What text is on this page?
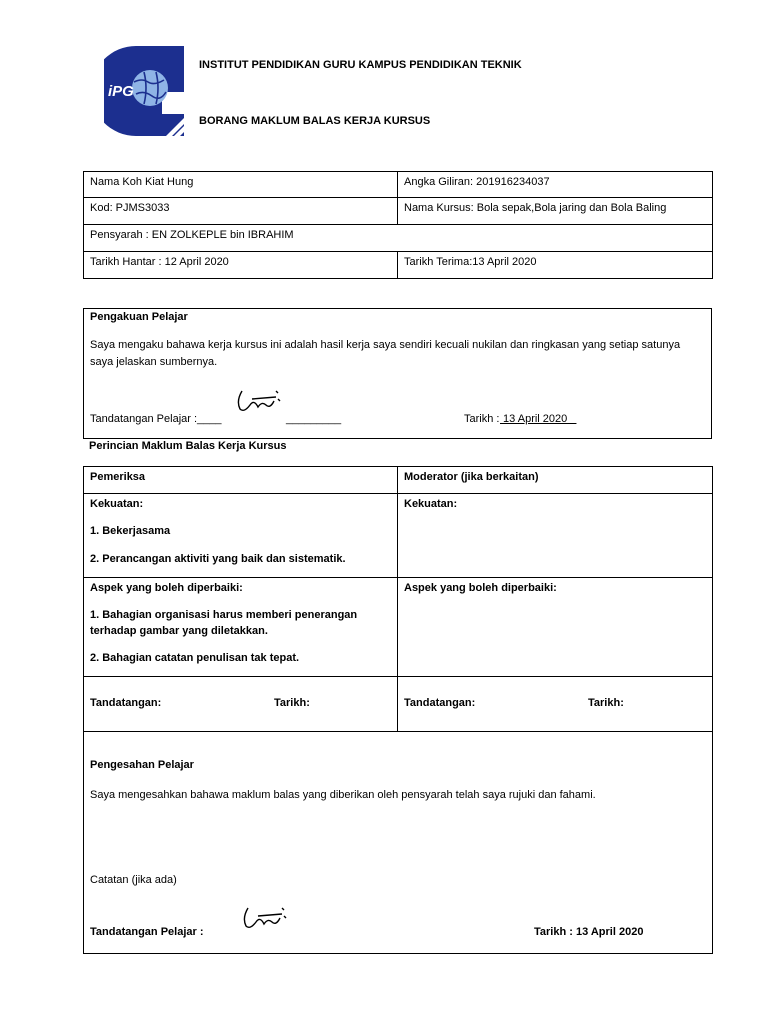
iPG
INSTITUT PENDIDIKAN GURU KAMPUS PENDIDIKAN TEKNIK
BORANG MAKLUM BALAS KERJA KURSUS
Nama Koh Kiat Hung	Angka Giliran: 201916234037
Kod: PJMS3033	Nama Kursus: Bola sepak,Bola jaring dan Bola Baling
Pensyarah : EN ZOLKEPLE bin IBRAHIM	
Tarikh Hantar : 12 April 2020	Tarikh Terima:13 April 2020
Pengakuan Pelajar

Saya mengaku bahawa kerja kursus ini adalah hasil kerja saya sendiri kecuali nukilan dan ringkasan yang setiap satunya saya jelaskan sumbernya.

Tandatangan Pelajar :____	_________	Tarikh : 13 April 2020
Perincian Maklum Balas Kerja Kursus
Pemeriksa	Moderator (jika berkaitan)

Kekuatan:
1. Bekerjasama
2. Perancangan aktiviti yang baik dan sistematik.	Kekuatan:

Aspek yang boleh diperbaiki:
1. Bahagian organisasi harus memberi penerangan terhadap gambar yang diletakkan.
2. Bahagian catatan penulisan tak tepat.	Aspek yang boleh diperbaiki:

Tandatangan: Tarikh:	Tandatangan: Tarikh:

Pengesahan Pelajar
Saya mengesahkan bahawa maklum balas yang diberikan oleh pensyarah telah saya rujuki dan fahami.
Catatan (jika ada)
Tandatangan Pelajar : Tarikh : 13 April 2020	
